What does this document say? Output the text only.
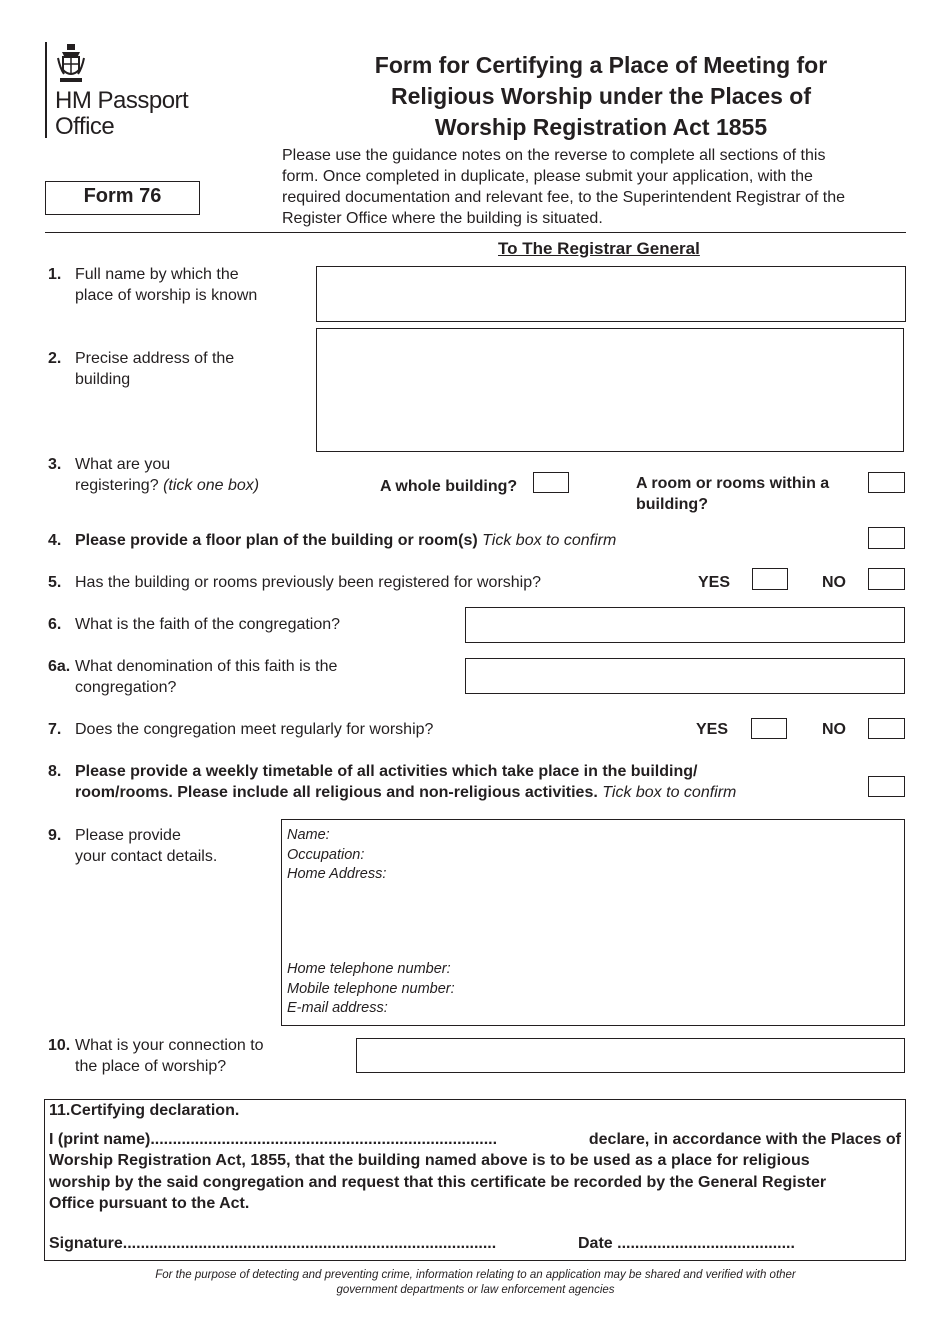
HM Passport
Office
Form 76
Form for Certifying a Place of Meeting for
Religious Worship under the Places of
Worship Registration Act 1855
Please use the guidance notes on the reverse to complete all sections of this
form. Once completed in duplicate, please submit your application, with the
required documentation and relevant fee, to the Superintendent Registrar of the
Register Office where the building is situated.
To The Registrar General
1. Full name by which the
place of worship is known
2. Precise address of the
building
3. What are you
registering? (tick one box)	A whole building?	A room or rooms within a
building?
4. Please provide a floor plan of the building or room(s) Tick box to confirm
5. Has the building or rooms previously been registered for worship?	YES	NO
6. What is the faith of the congregation?
6a. What denomination of this faith is the
congregation?
7. Does the congregation meet regularly for worship?	YES	NO
8. Please provide a weekly timetable of all activities which take place in the building/
room/rooms. Please include all religious and non-religious activities. Tick box to confirm
9. Please provide
your contact details.
Name:
Occupation:
Home Address:
Home telephone number:
Mobile telephone number:
E-mail address:
10. What is your connection to
the place of worship?
11.Certifying declaration.
I (print name)..............................................................................	declare, in accordance with the Places of
Worship Registration Act, 1855, that the building named above is to be used as a place for religious
worship by the said congregation and request that this certificate be recorded by the General Register
Office pursuant to the Act.
Signature....................................................................................	Date ........................................
For the purpose of detecting and preventing crime, information relating to an application may be shared and verified with other
government departments or law enforcement agencies
